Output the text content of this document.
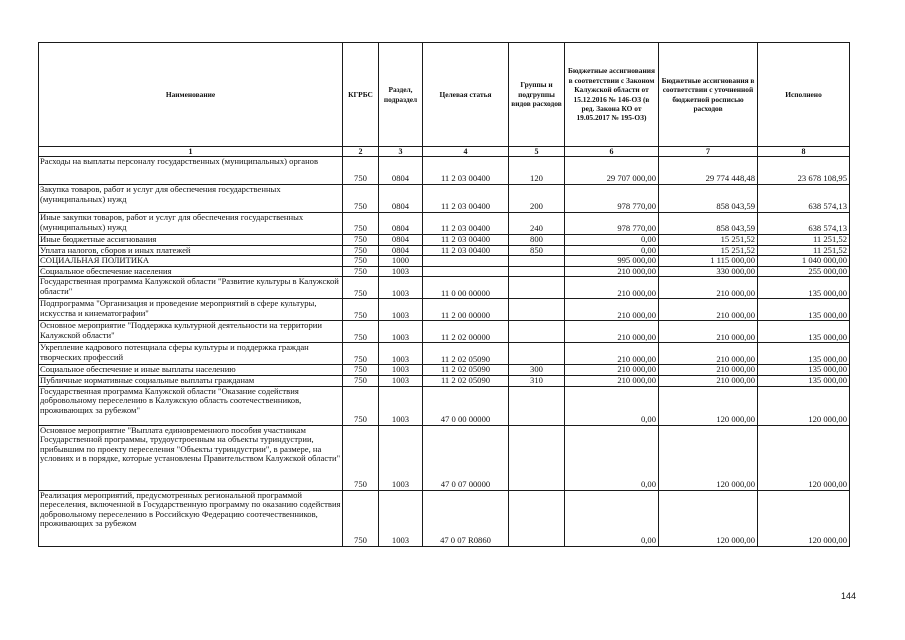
Наименование	КГРБС	Раздел, подраздел	Целевая статья	Группы и подгруппы видов расходов	Бюджетные ассигнования в соответствии с Законом Калужской области от 15.12.2016 № 146-ОЗ (в ред. Закона КО от 19.05.2017 № 195-ОЗ)	Бюджетные ассигнования в соответствии с уточненной бюджетной росписью расходов	Исполнено
1	2	3	4	5	6	7	8
Расходы на выплаты персоналу государственных (муниципальных) органов	750	0804	11 2 03 00400	120	29 707 000,00	29 774 448,48	23 678 108,95
Закупка товаров, работ и услуг для обеспечения государственных (муниципальных) нужд	750	0804	11 2 03 00400	200	978 770,00	858 043,59	638 574,13
Иные закупки товаров, работ и услуг для обеспечения государственных (муниципальных) нужд	750	0804	11 2 03 00400	240	978 770,00	858 043,59	638 574,13
Иные бюджетные ассигнования	750	0804	11 2 03 00400	800	0,00	15 251,52	11 251,52
Уплата налогов, сборов и иных платежей	750	0804	11 2 03 00400	850	0,00	15 251,52	11 251,52
СОЦИАЛЬНАЯ ПОЛИТИКА	750	1000			995 000,00	1 115 000,00	1 040 000,00
Социальное обеспечение населения	750	1003			210 000,00	330 000,00	255 000,00
Государственная программа Калужской области "Развитие культуры в Калужской области"	750	1003	11 0 00 00000		210 000,00	210 000,00	135 000,00
Подпрограмма "Организация и проведение мероприятий в сфере культуры, искусства и кинематографии"	750	1003	11 2 00 00000		210 000,00	210 000,00	135 000,00
Основное мероприятие "Поддержка культурной деятельности на территории Калужской области"	750	1003	11 2 02 00000		210 000,00	210 000,00	135 000,00
Укрепление кадрового потенциала сферы культуры и поддержка граждан творческих профессий	750	1003	11 2 02 05090		210 000,00	210 000,00	135 000,00
Социальное обеспечение и иные выплаты населению	750	1003	11 2 02 05090	300	210 000,00	210 000,00	135 000,00
Публичные нормативные социальные выплаты гражданам	750	1003	11 2 02 05090	310	210 000,00	210 000,00	135 000,00
Государственная программа Калужской области "Оказание содействия добровольному переселению в Калужскую область соотечественников, проживающих за рубежом"	750	1003	47 0 00 00000		0,00	120 000,00	120 000,00
Основное мероприятие "Выплата единовременного пособия участникам Государственной программы, трудоустроенным на объекты туриндустрии, прибывшим по проекту переселения "Объекты туриндустрии", в размере, на условиях и в порядке, которые установлены Правительством Калужской области"	750	1003	47 0 07 00000		0,00	120 000,00	120 000,00
Реализация мероприятий, предусмотренных региональной программой переселения, включенной в Государственную программу по оказанию содействия добровольному переселению в Российскую Федерацию соотечественников, проживающих за рубежом	750	1003	47 0 07 R0860		0,00	120 000,00	120 000,00
144
